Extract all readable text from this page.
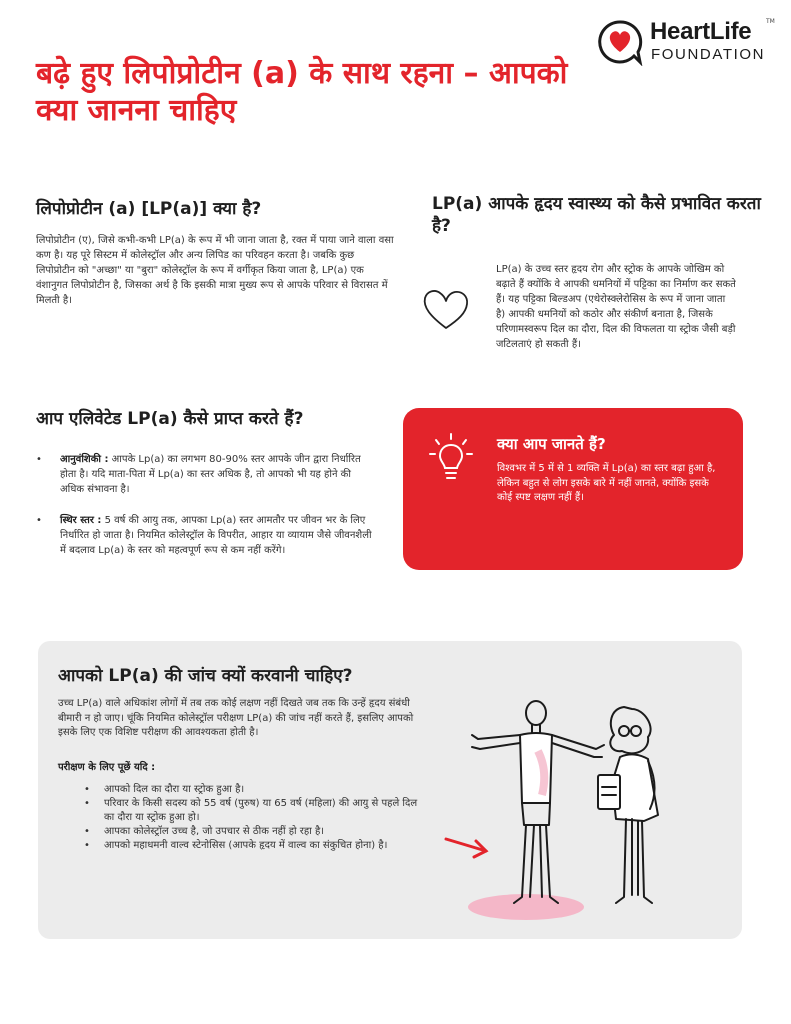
HeartLife TM
FOUNDATION
बढ़े हुए लिपोप्रोटीन (a) के साथ रहना – आपको क्या जानना चाहिए
लिपोप्रोटीन (a) [LP(a)] क्या है?

लिपोप्रोटीन (ए), जिसे कभी-कभी LP(a) के रूप में भी जाना जाता है, रक्त में पाया जाने वाला वसा कण है। यह पूरे सिस्टम में कोलेस्ट्रॉल और अन्य लिपिड का परिवहन करता है। जबकि कुछ लिपोप्रोटीन को "अच्छा" या "बुरा" कोलेस्ट्रॉल के रूप में वर्गीकृत किया जाता है, LP(a) एक वंशानुगत लिपोप्रोटीन है, जिसका अर्थ है कि इसकी मात्रा मुख्य रूप से आपके परिवार से विरासत में मिलती है।

LP(a) आपके हृदय स्वास्थ्य को कैसे प्रभावित करता है?

LP(a) के उच्च स्तर हृदय रोग और स्ट्रोक के आपके जोखिम को बढ़ाते हैं क्योंकि वे आपकी धमनियों में पट्टिका का निर्माण कर सकते हैं। यह पट्टिका बिल्डअप (एथेरोस्क्लेरोसिस के रूप में जाना जाता है) आपकी धमनियों को कठोर और संकीर्ण बनाता है, जिसके परिणामस्वरूप दिल का दौरा, दिल की विफलता या स्ट्रोक जैसी बड़ी जटिलताएं हो सकती हैं।

आप एलिवेटेड LP(a) कैसे प्राप्त करते हैं?
• आनुवंशिकी : आपके Lp(a) का लगभग 80-90% स्तर आपके जीन द्वारा निर्धारित होता है। यदि माता-पिता में Lp(a) का स्तर अधिक है, तो आपको भी यह होने की अधिक संभावना है।
• स्थिर स्तर : 5 वर्ष की आयु तक, आपका Lp(a) स्तर आमतौर पर जीवन भर के लिए निर्धारित हो जाता है। नियमित कोलेस्ट्रॉल के विपरीत, आहार या व्यायाम जैसे जीवनशैली में बदलाव Lp(a) के स्तर को महत्वपूर्ण रूप से कम नहीं करेंगे।
क्या आप जानते हैं?

विश्वभर में 5 में से 1 व्यक्ति में Lp(a) का स्तर बढ़ा हुआ है, लेकिन बहुत से लोग इसके बारे में नहीं जानते, क्योंकि इसके कोई स्पष्ट लक्षण नहीं हैं।

आपको LP(a) की जांच क्यों करवानी चाहिए?

उच्च LP(a) वाले अधिकांश लोगों में तब तक कोई लक्षण नहीं दिखते जब तक कि उन्हें हृदय संबंधी बीमारी न हो जाए। चूंकि नियमित कोलेस्ट्रॉल परीक्षण LP(a) की जांच नहीं करते हैं, इसलिए आपको इसके लिए एक विशिष्ट परीक्षण की आवश्यकता होती है।

परीक्षण के लिए पूछें यदि :

• आपको दिल का दौरा या स्ट्रोक हुआ है।
• परिवार के किसी सदस्य को 55 वर्ष (पुरुष) या 65 वर्ष (महिला) की आयु से पहले दिल का दौरा या स्ट्रोक हुआ हो।
• आपका कोलेस्ट्रॉल उच्च है, जो उपचार से ठीक नहीं हो रहा है।
• आपको महाधमनी वाल्व स्टेनोसिस (आपके हृदय में वाल्व का संकुचित होना) है।
